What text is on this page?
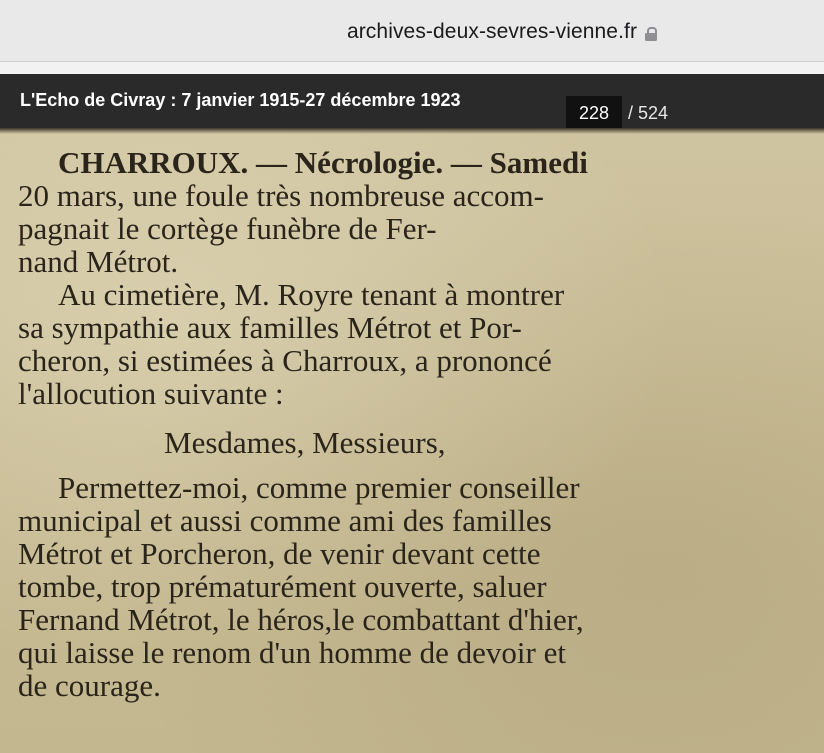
archives-deux-sevres-vienne.fr
L'Echo de Civray : 7 janvier 1915-27 décembre 1923
228	/ 524
CHARROUX. — Nécrologie. — Samedi
20 mars, une foule très nombreuse accom-
pagnait le cortège funèbre de Fer-
nand Métrot.
Au cimetière, M. Royre tenant à montrer
sa sympathie aux familles Métrot et Por-
cheron, si estimées à Charroux, a prononcé
l'allocution suivante :
Mesdames, Messieurs,
Permettez-moi, comme premier conseiller
municipal et aussi comme ami des familles
Métrot et Porcheron, de venir devant cette
tombe, trop prématurément ouverte, saluer
Fernand Métrot, le héros,le combattant d'hier,
qui laisse le renom d'un homme de devoir et
de courage.
